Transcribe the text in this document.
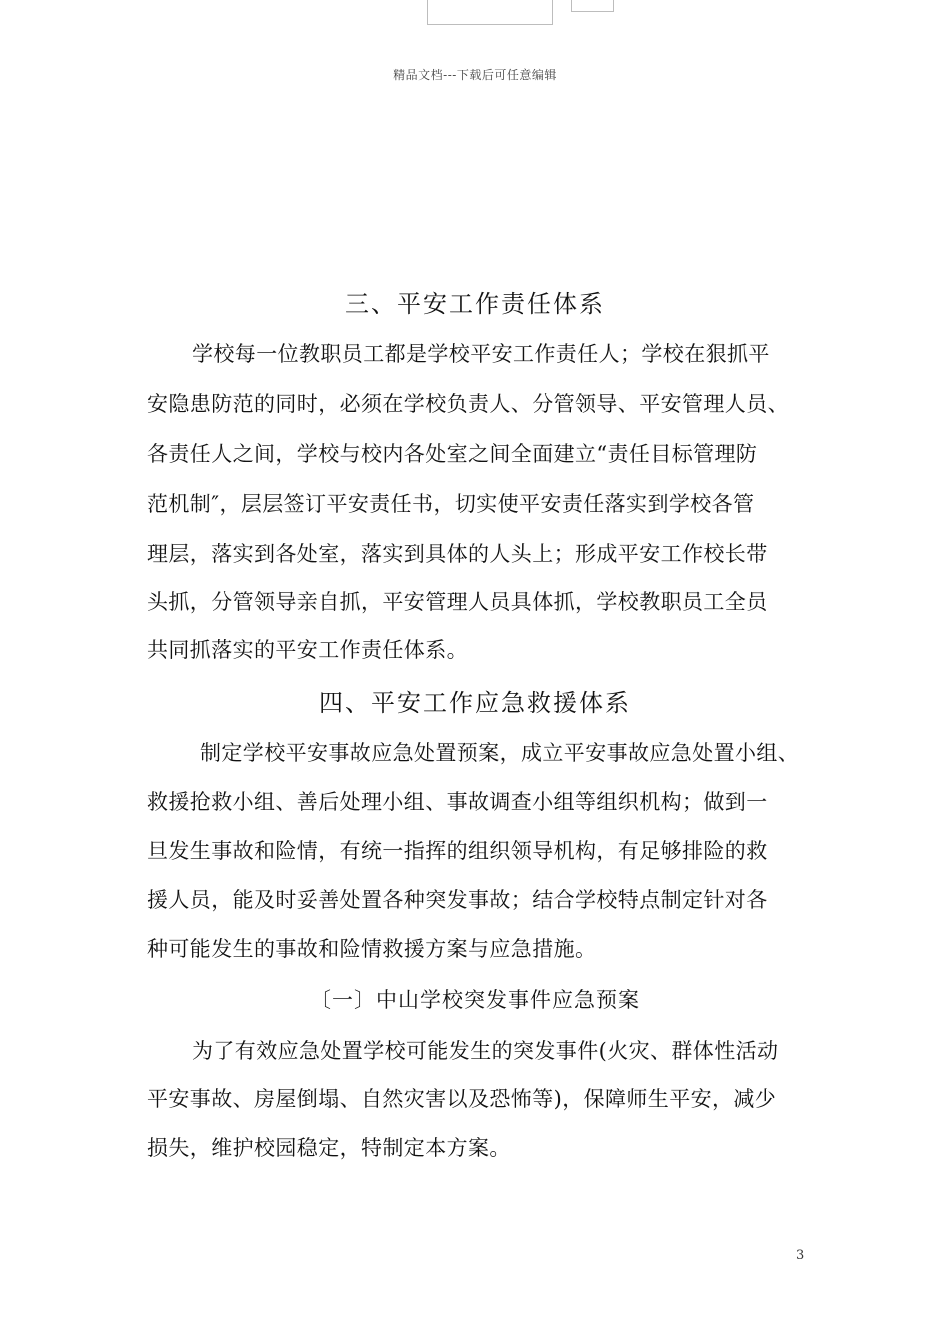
精品文档---下载后可任意编辑
三、平安工作责任体系
学校每一位教职员工都是学校平安工作责任人；学校在狠抓平
安隐患防范的同时，必须在学校负责人、分管领导、平安管理人员、
各责任人之间，学校与校内各处室之间全面建立“责任目标管理防
范机制″，层层签订平安责任书，切实使平安责任落实到学校各管
理层，落实到各处室，落实到具体的人头上；形成平安工作校长带
头抓，分管领导亲自抓，平安管理人员具体抓，学校教职员工全员
共同抓落实的平安工作责任体系。
四、平安工作应急救援体系
制定学校平安事故应急处置预案，成立平安事故应急处置小组、
救援抢救小组、善后处理小组、事故调查小组等组织机构；做到一
旦发生事故和险情，有统一指挥的组织领导机构，有足够排险的救
援人员，能及时妥善处置各种突发事故；结合学校特点制定针对各
种可能发生的事故和险情救援方案与应急措施。
〔一〕中山学校突发事件应急预案
为了有效应急处置学校可能发生的突发事件(火灾、群体性活动
平安事故、房屋倒塌、自然灾害以及恐怖等)，保障师生平安，减少
损失，维护校园稳定，特制定本方案。
3
